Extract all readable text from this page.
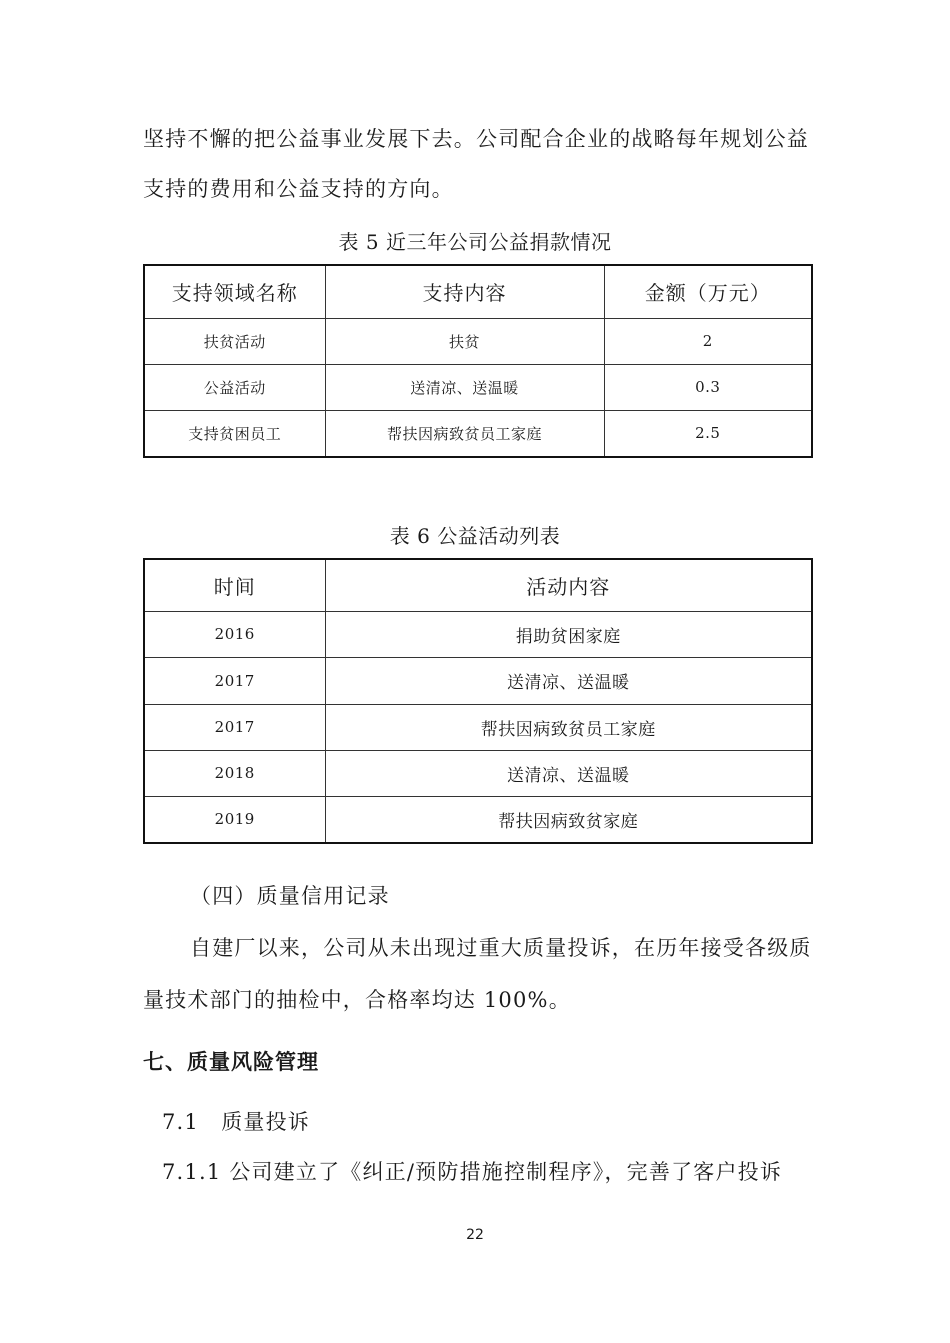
坚持不懈的把公益事业发展下去。公司配合企业的战略每年规划公益
支持的费用和公益支持的方向。
表 5 近三年公司公益捐款情况
支持领域名称	支持内容	金额（万元）
扶贫活动	扶贫	2
公益活动	送清凉、送温暖	0.3
支持贫困员工	帮扶因病致贫员工家庭	2.5
表 6 公益活动列表
时间	活动内容
2016	捐助贫困家庭
2017	送清凉、送温暖
2017	帮扶因病致贫员工家庭
2018	送清凉、送温暖
2019	帮扶因病致贫家庭
（四）质量信用记录
自建厂以来，公司从未出现过重大质量投诉，在历年接受各级质
量技术部门的抽检中，合格率均达 100%。
七、质量风险管理
7.1　质量投诉
7.1.1 公司建立了《纠正/预防措施控制程序》，完善了客户投诉
22
